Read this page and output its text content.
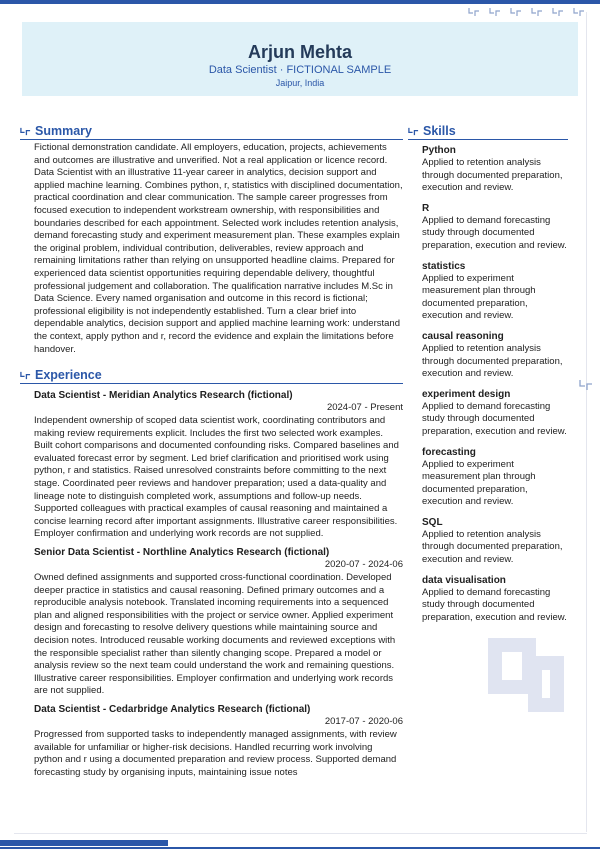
Arjun Mehta
Data Scientist · FICTIONAL SAMPLE
Jaipur, India
Summary

Fictional demonstration candidate. All employers, education, projects, achievements and outcomes are illustrative and unverified. Not a real application or licence record. Data Scientist with an illustrative 11-year career in analytics, decision support and applied machine learning. Combines python, r, statistics with disciplined documentation, practical coordination and clear communication. The sample career progresses from focused execution to independent workstream ownership, with responsibilities and boundaries described for each appointment. Selected work includes retention analysis, demand forecasting study and experiment measurement plan. These examples explain the original problem, individual contribution, deliverables, review approach and remaining limitations rather than relying on unsupported headline claims. Prepared for experienced data scientist opportunities requiring dependable delivery, thoughtful professional judgement and collaboration. The qualification narrative includes M.Sc in Data Science. Every named organisation and outcome in this record is fictional; professional eligibility is not independently established. Turn a clear brief into dependable analytics, decision support and applied machine learning work: understand the context, apply python and r, record the evidence and explain the limitations before handover.

Experience
Data Scientist - Meridian Analytics Research (fictional)
2024-07 - Present

Independent ownership of scoped data scientist work, coordinating contributors and making review requirements explicit. Includes the first two selected work examples. Built cohort comparisons and documented confounding risks. Compared baselines and evaluated forecast error by segment. Led brief clarification and prioritised work using python, r and statistics. Raised unresolved constraints before committing to the next stage. Coordinated peer reviews and handover preparation; used a data-quality and lineage note to distinguish completed work, assumptions and follow-up needs. Supported colleagues with practical examples of causal reasoning and maintained a concise learning record after important assignments. Illustrative career responsibilities. Employer confirmation and underlying work records are not supplied.

Senior Data Scientist - Northline Analytics Research (fictional)
2020-07 - 2024-06

Owned defined assignments and supported cross-functional coordination. Developed deeper practice in statistics and causal reasoning. Defined primary outcomes and a reproducible analysis notebook. Translated incoming requirements into a sequenced plan and aligned responsibilities with the project or service owner. Applied experiment design and forecasting to resolve delivery questions while maintaining source and decision notes. Introduced reusable working documents and reviewed exceptions with the responsible specialist rather than silently changing scope. Prepared a model or analysis review so the next team could understand the work and remaining questions. Illustrative career responsibilities. Employer confirmation and underlying work records are not supplied.

Data Scientist - Cedarbridge Analytics Research (fictional)
2017-07 - 2020-06

Progressed from supported tasks to independently managed assignments, with review available for unfamiliar or higher-risk decisions. Handled recurring work involving python and r using a documented preparation and review process. Supported demand forecasting study by organising inputs, maintaining issue notes

Skills
Python
Applied to retention analysis through documented preparation, execution and review.
R
Applied to demand forecasting study through documented preparation, execution and review.
statistics
Applied to experiment measurement plan through documented preparation, execution and review.
causal reasoning
Applied to retention analysis through documented preparation, execution and review.
experiment design
Applied to demand forecasting study through documented preparation, execution and review.
forecasting
Applied to experiment measurement plan through documented preparation, execution and review.
SQL
Applied to retention analysis through documented preparation, execution and review.
data visualisation
Applied to demand forecasting study through documented preparation, execution and review.
